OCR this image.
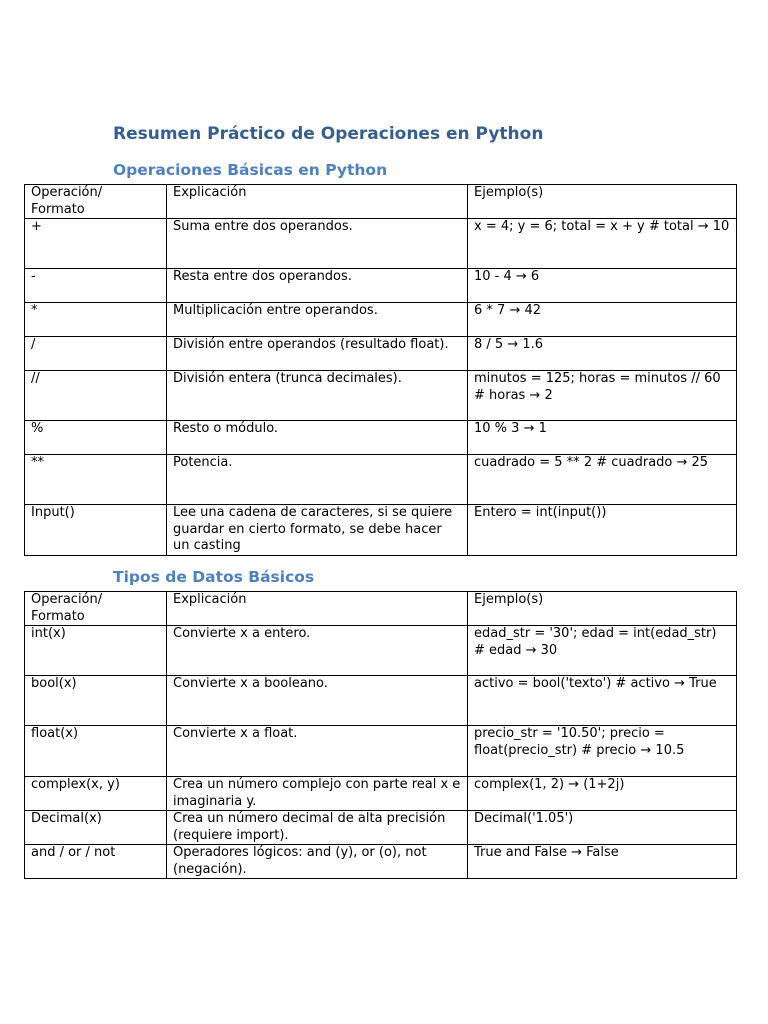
Resumen Práctico de Operaciones en Python
Operaciones Básicas en Python
Operación/ Formato	Explicación	Ejemplo(s)
+	Suma entre dos operandos.	x = 4; y = 6; total = x + y # total → 10
-	Resta entre dos operandos.	10 - 4 → 6
*	Multiplicación entre operandos.	6 * 7 → 42
/	División entre operandos (resultado float).	8 / 5 → 1.6
//	División entera (trunca decimales).	minutos = 125; horas = minutos // 60 # horas → 2
%	Resto o módulo.	10 % 3 → 1
**	Potencia.	cuadrado = 5 ** 2 # cuadrado → 25
Input()	Lee una cadena de caracteres, si se quiere guardar en cierto formato, se debe hacer un casting	Entero = int(input())
Tipos de Datos Básicos
Operación/ Formato	Explicación	Ejemplo(s)
int(x)	Convierte x a entero.	edad_str = '30'; edad = int(edad_str) # edad → 30
bool(x)	Convierte x a booleano.	activo = bool('texto') # activo → True
float(x)	Convierte x a float.	precio_str = '10.50'; precio = float(precio_str) # precio → 10.5
complex(x, y)	Crea un número complejo con parte real x e imaginaria y.	complex(1, 2) → (1+2j)
Decimal(x)	Crea un número decimal de alta precisión (requiere import).	Decimal('1.05')
and / or / not	Operadores lógicos: and (y), or (o), not (negación).	True and False → False
